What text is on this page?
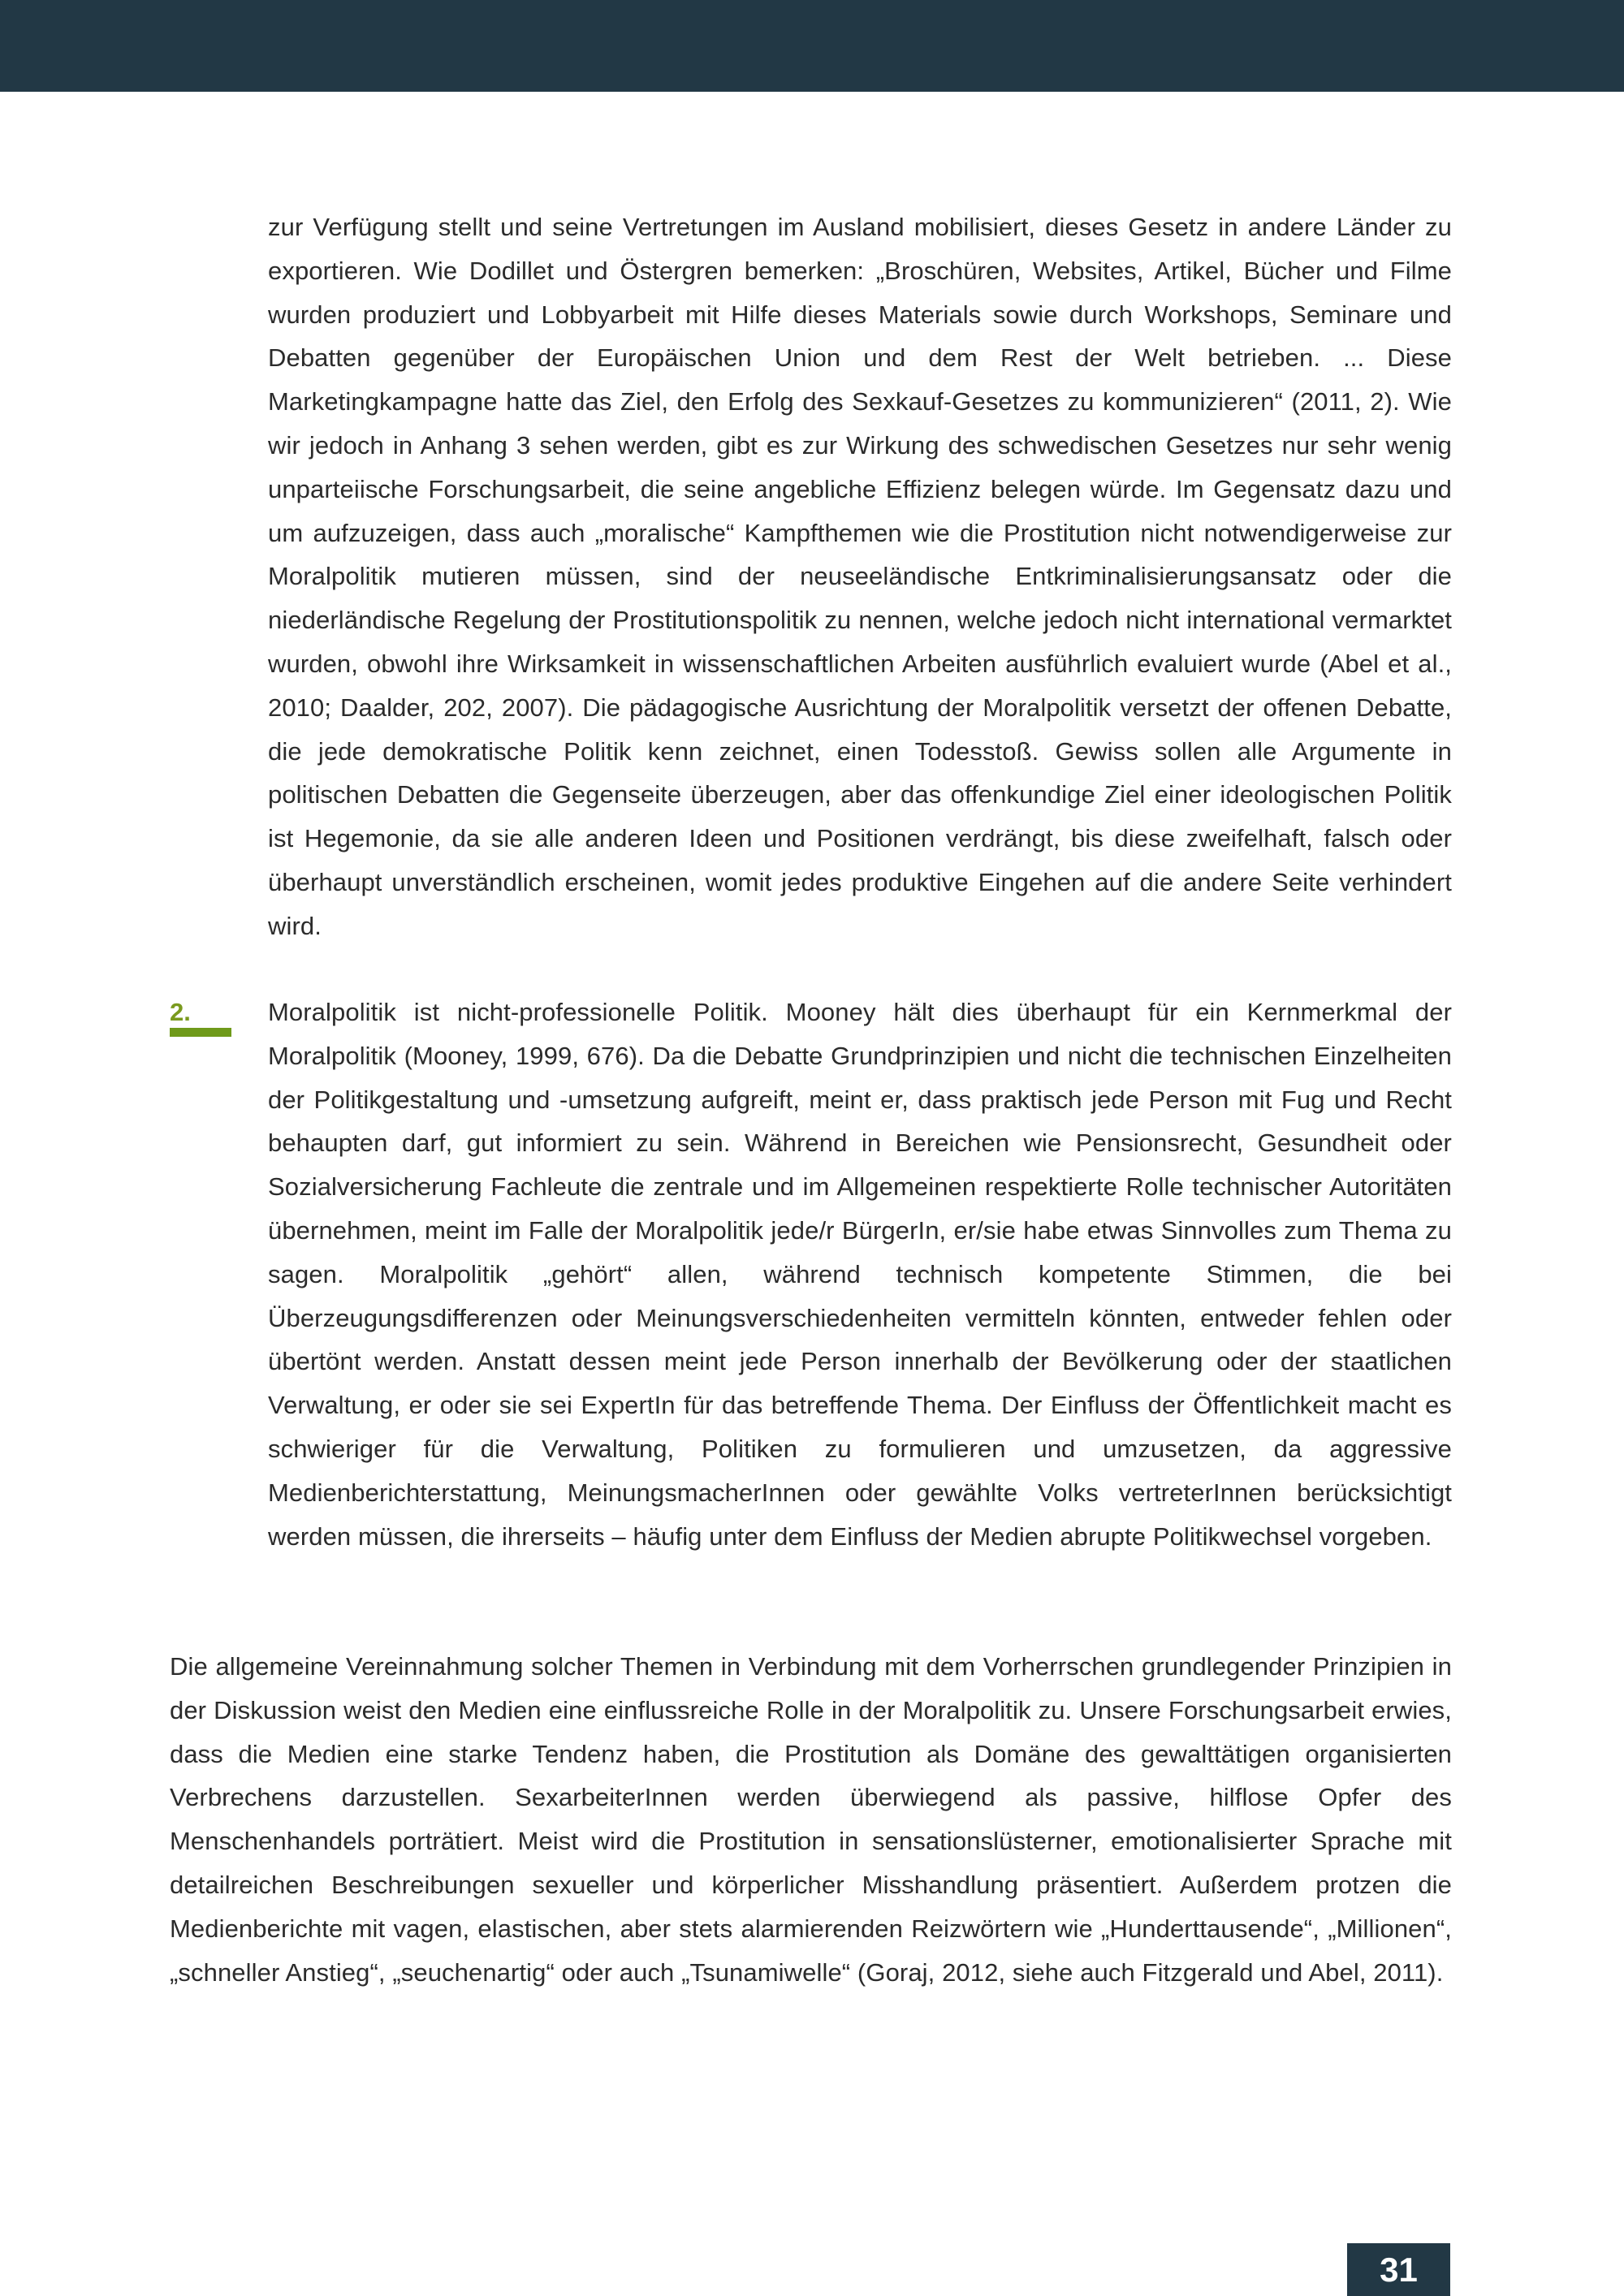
zur Verfügung stellt und seine Vertretungen im Ausland mobilisiert, dieses Gesetz in andere Länder zu exportieren. Wie Dodillet und Östergren bemerken: „Broschüren, Websites, Artikel, Bücher und Filme wurden produziert und Lobbyarbeit mit Hilfe dieses Materials sowie durch Workshops, Seminare und Debatten gegenüber der Europäischen Union und dem Rest der Welt betrieben. ... Diese Marketingkampagne hatte das Ziel, den Erfolg des Sexkauf-Gesetzes zu kommunizieren“ (2011, 2). Wie wir jedoch in Anhang 3 sehen werden, gibt es zur Wirkung des schwedischen Gesetzes nur sehr wenig unparteiische Forschungsarbeit, die seine angebliche Effizienz belegen würde. Im Gegensatz dazu und um aufzuzeigen, dass auch „moralische“ Kampfthemen wie die Prostitution nicht notwendigerweise zur Moralpolitik mutieren müssen, sind der neuseeländische Entkriminalisierungsansatz oder die niederländische Regelung der Prostitutionspolitik zu nennen, welche jedoch nicht international vermarktet wurden, obwohl ihre Wirksamkeit in wissenschaftlichen Arbeiten ausführlich evaluiert wurde (Abel et al., 2010; Daalder, 202, 2007). Die pädagogische Ausrichtung der Moralpolitik versetzt der offenen Debatte, die jede demokratische Politik kenn zeichnet, einen Todesstoß. Gewiss sollen alle Argumente in politischen Debatten die Gegenseite überzeugen, aber das offenkundige Ziel einer ideologischen Politik ist Hegemonie, da sie alle anderen Ideen und Positionen verdrängt, bis diese zweifelhaft, falsch oder überhaupt unverständlich erscheinen, womit jedes produktive Eingehen auf die andere Seite verhindert wird.

2.	Moralpolitik ist nicht-professionelle Politik. Mooney hält dies überhaupt für ein Kernmerkmal der Moralpolitik (Mooney, 1999, 676). Da die Debatte Grundprinzipien und nicht die technischen Einzelheiten der Politikgestaltung und -umsetzung aufgreift, meint er, dass praktisch jede Person mit Fug und Recht behaupten darf, gut informiert zu sein. Während in Bereichen wie Pensionsrecht, Gesundheit oder Sozialversicherung Fachleute die zentrale und im Allgemeinen respektierte Rolle technischer Autoritäten übernehmen, meint im Falle der Moralpolitik jede/r BürgerIn, er/sie habe etwas Sinnvolles zum Thema zu sagen. Moralpolitik „gehört“ allen, während technisch kompetente Stimmen, die bei Überzeugungsdifferenzen oder Meinungsverschiedenheiten vermitteln könnten, entweder fehlen oder übertönt werden. Anstatt dessen meint jede Person innerhalb der Bevölkerung oder der staatlichen Verwaltung, er oder sie sei ExpertIn für das betreffende Thema. Der Einfluss der Öffentlichkeit macht es schwieriger für die Verwaltung, Politiken zu formulieren und umzusetzen, da aggressive Medienberichterstattung, MeinungsmacherInnen oder gewählte Volks vertreterInnen berücksichtigt werden müssen, die ihrerseits – häufig unter dem Einfluss der Medien abrupte Politikwechsel vorgeben.

Die allgemeine Vereinnahmung solcher Themen in Verbindung mit dem Vorherrschen grundlegender Prinzipien in der Diskussion weist den Medien eine einflussreiche Rolle in der Moralpolitik zu. Unsere Forschungsarbeit erwies, dass die Medien eine starke Tendenz haben, die Prostitution als Domäne des gewalttätigen organisierten Verbrechens darzustellen. SexarbeiterInnen werden überwiegend als passive, hilflose Opfer des Menschenhandels porträtiert. Meist wird die Prostitution in sensationslüsterner, emotionalisierter Sprache mit detailreichen Beschreibungen sexueller und körperlicher Misshandlung präsentiert. Außerdem protzen die Medienberichte mit vagen, elastischen, aber stets alarmierenden Reizwörtern wie „Hunderttausende“, „Millionen“, „schneller Anstieg“, „seuchenartig“ oder auch „Tsunamiwelle“ (Goraj, 2012, siehe auch Fitzgerald und Abel, 2011).

31
